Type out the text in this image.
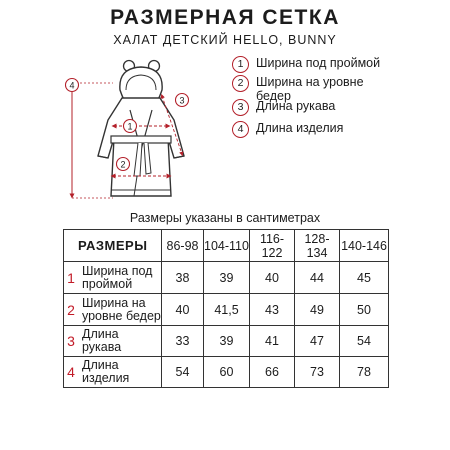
РАЗМЕРНАЯ СЕТКА
ХАЛАТ ДЕТСКИЙ HELLO, BUNNY
4
1
2
3
1	Ширина под проймой
2	Ширина на уровне бедер
3	Длина рукава
4	Длина изделия
Размеры указаны в сантиметрах
РАЗМЕРЫ	86-98	104-110	116-122	128-134	140-146

1 Ширина под проймой	38	39	40	44	45

2 Ширина на уровне бедер	40	41,5	43	49	50

3 Длина рукава	33	39	41	47	54

4 Длина изделия	54	60	66	73	78
